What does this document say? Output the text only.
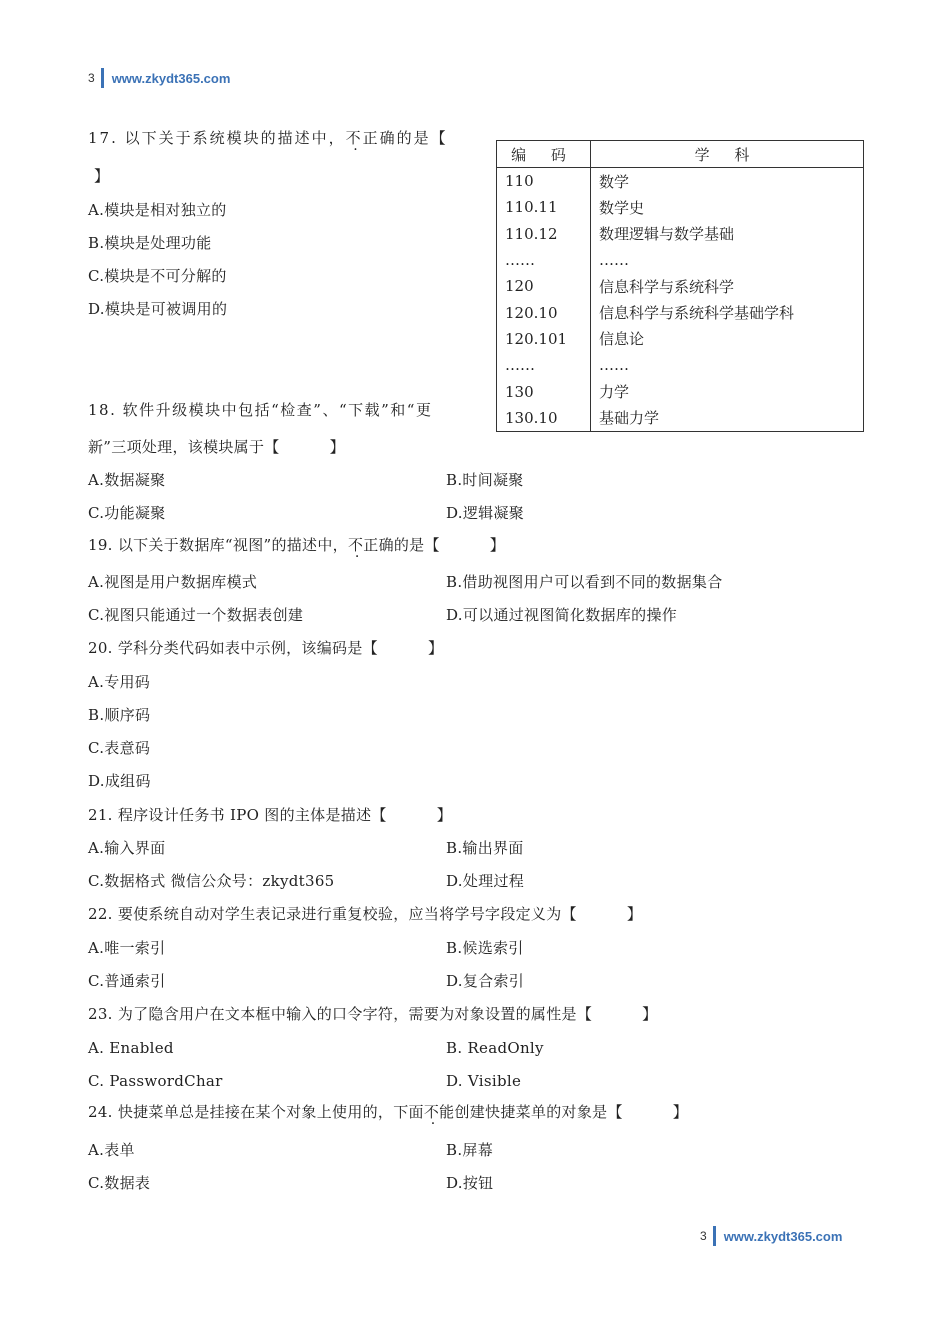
3 www.zkydt365.com
17. 以下关于系统模块的描述中，不正确的是【
】
A.模块是相对独立的
B.模块是处理功能
C.模块是不可分解的
D.模块是可被调用的
编 码	学 科
110	数学
110.11	数学史
110.12	数理逻辑与数学基础
……	……
120	信息科学与系统科学
120.10	信息科学与系统科学基础学科
120.101	信息论
……	……
130	力学
130.10	基础力学
18. 软件升级模块中包括“检查”、“下载”和“更
新”三项处理，该模块属于【	】
A.数据凝聚	B.时间凝聚
C.功能凝聚	D.逻辑凝聚
19. 以下关于数据库“视图”的描述中，不正确的是【	】
A.视图是用户数据库模式	B.借助视图用户可以看到不同的数据集合
C.视图只能通过一个数据表创建	D.可以通过视图简化数据库的操作
20. 学科分类代码如表中示例，该编码是【	】
A.专用码
B.顺序码
C.表意码
D.成组码
21. 程序设计任务书 IPO 图的主体是描述【	】
A.输入界面	B.输出界面
C.数据格式 微信公众号：zkydt365	D.处理过程
22. 要使系统自动对学生表记录进行重复校验，应当将学号字段定义为【	】
A.唯一索引	B.候选索引
C.普通索引	D.复合索引
23. 为了隐含用户在文本框中输入的口令字符，需要为对象设置的属性是【	】
A. Enabled	B. ReadOnly
C. PasswordChar	D. Visible
24. 快捷菜单总是挂接在某个对象上使用的，下面不能创建快捷菜单的对象是【	】
A.表单	B.屏幕
C.数据表	D.按钮
3 www.zkydt365.com
